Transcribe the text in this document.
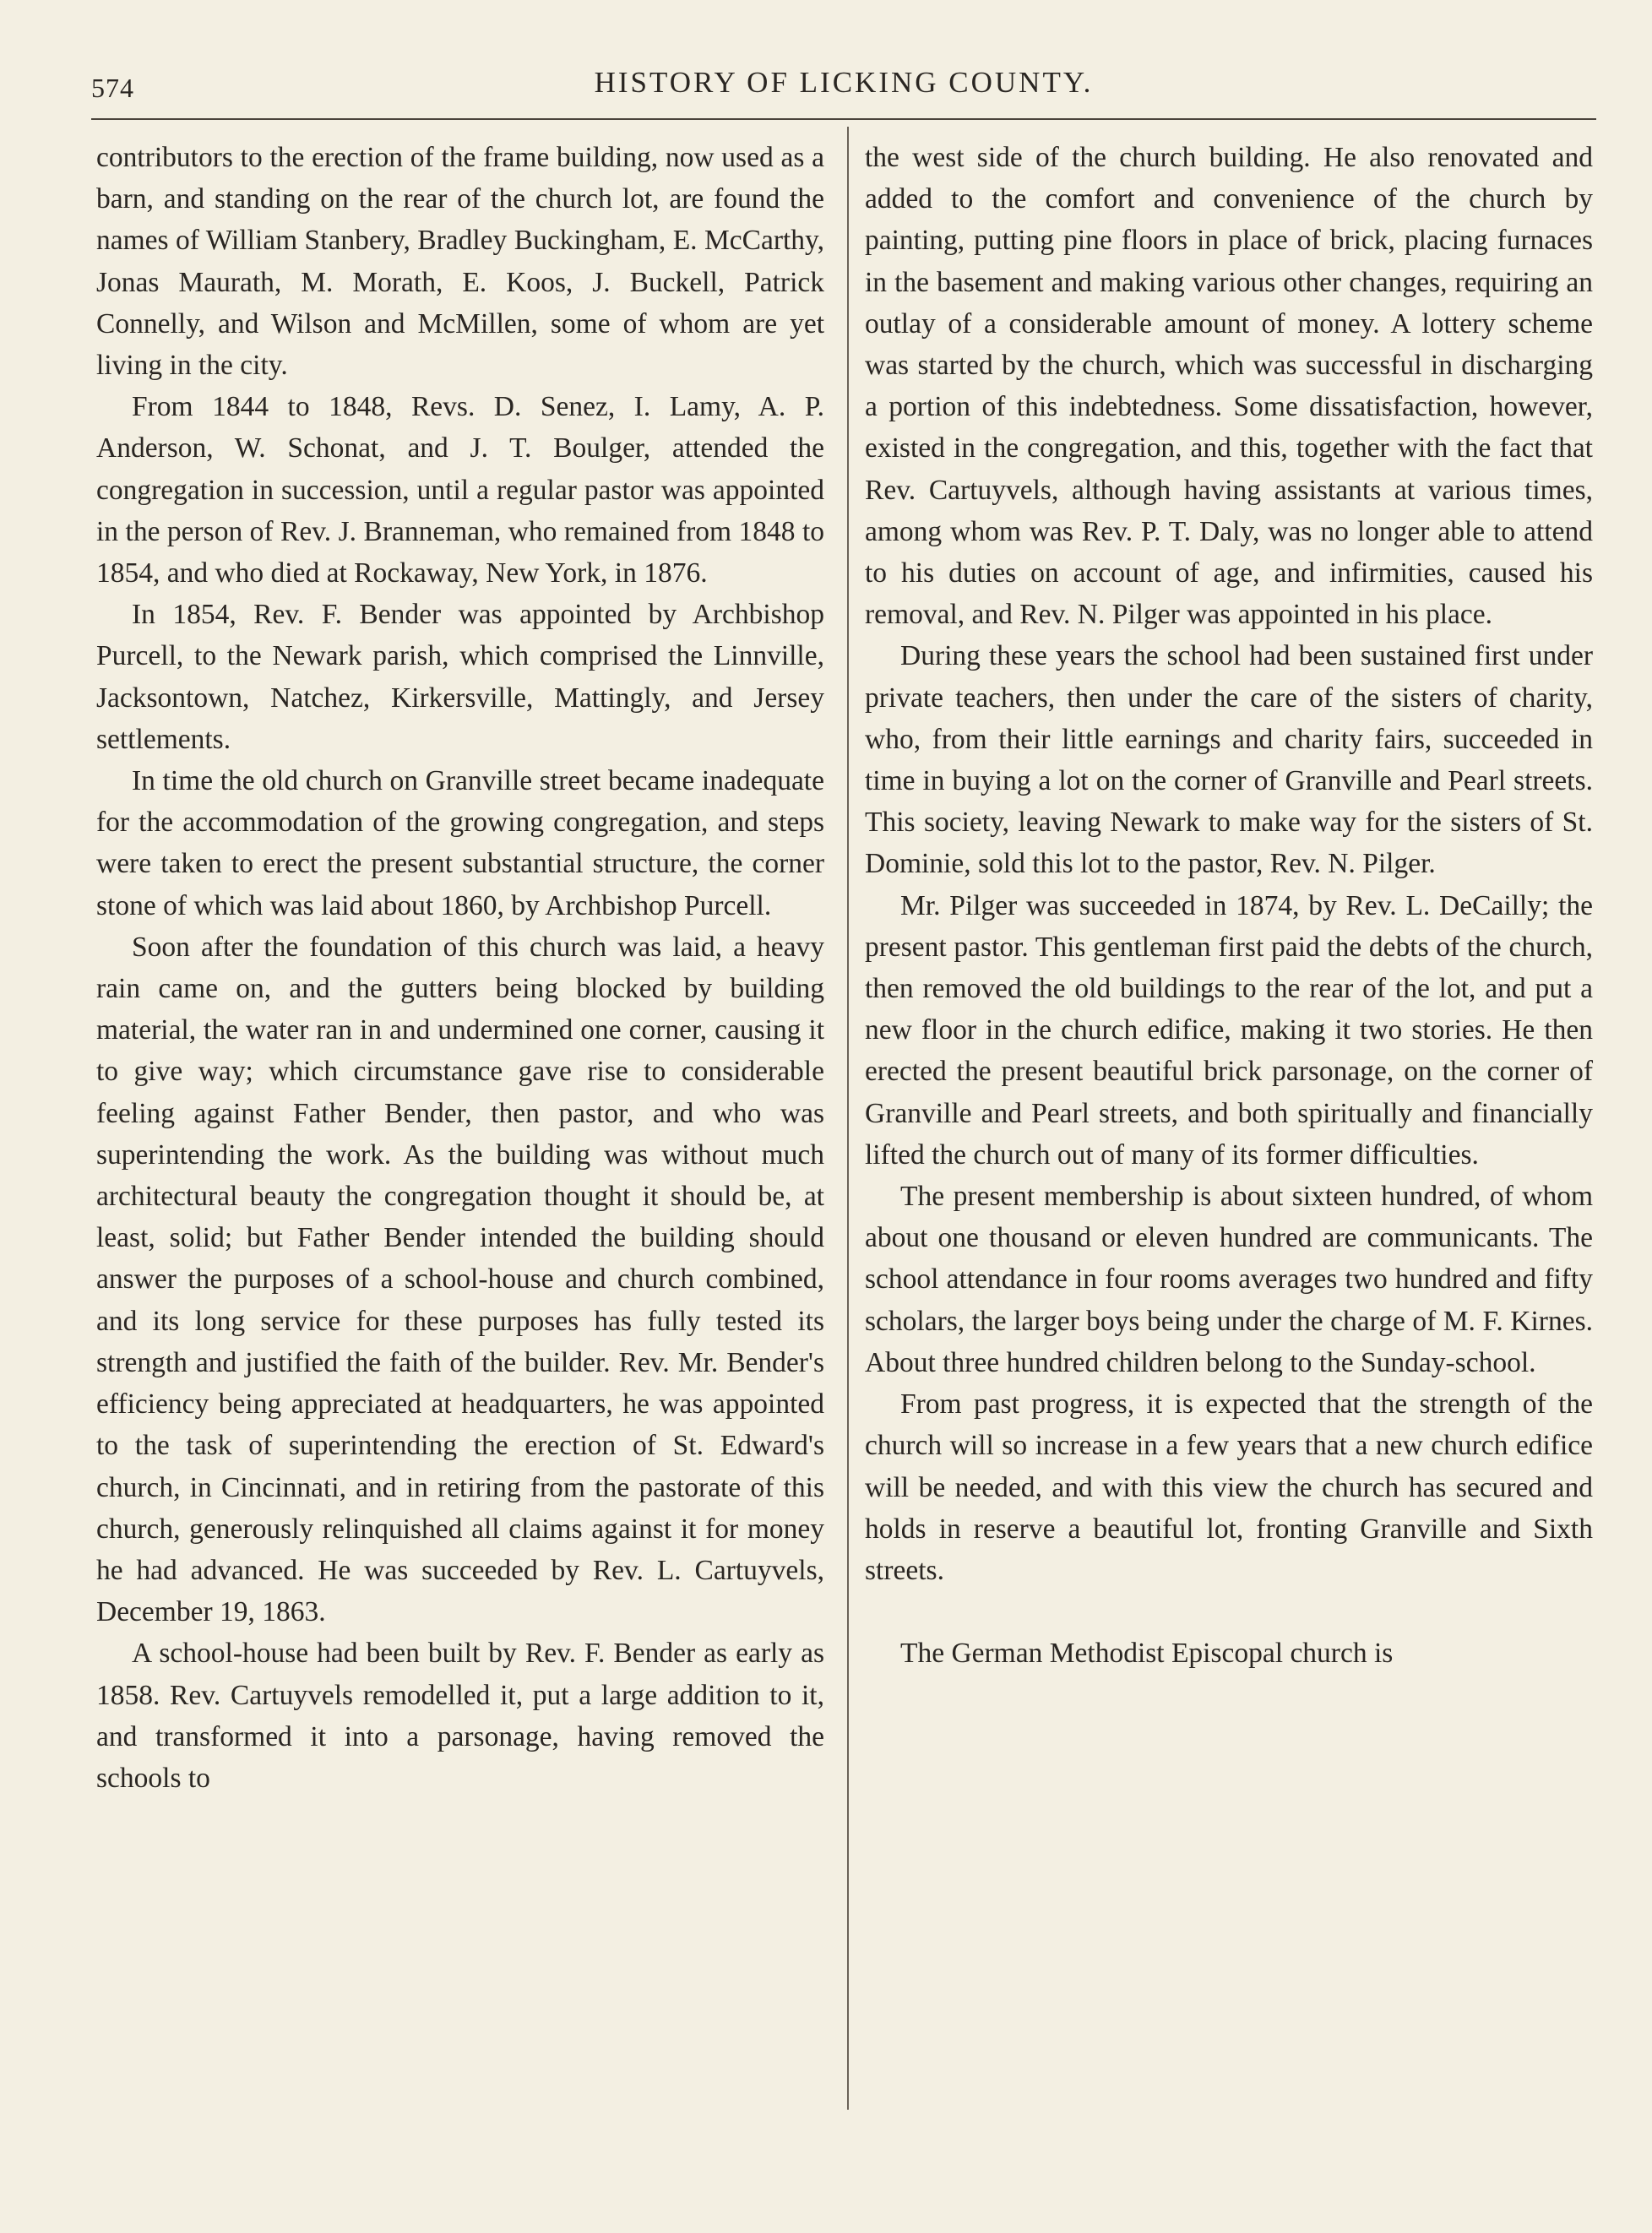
574	HISTORY OF LICKING COUNTY.

contributors to the erection of the frame building, now used as a barn, and standing on the rear of the church lot, are found the names of William Stanbery, Bradley Buckingham, E. McCarthy, Jonas Maurath, M. Morath, E. Koos, J. Buckell, Patrick Connelly, and Wilson and McMillen, some of whom are yet living in the city.

From 1844 to 1848, Revs. D. Senez, I. Lamy, A. P. Anderson, W. Schonat, and J. T. Boulger, attended the congregation in succession, until a regular pastor was appointed in the person of Rev. J. Branneman, who remained from 1848 to 1854, and who died at Rockaway, New York, in 1876.

In 1854, Rev. F. Bender was appointed by Archbishop Purcell, to the Newark parish, which comprised the Linnville, Jacksontown, Natchez, Kirkersville, Mattingly, and Jersey settlements.

In time the old church on Granville street became inadequate for the accommodation of the growing congregation, and steps were taken to erect the present substantial structure, the corner stone of which was laid about 1860, by Archbishop Purcell.

Soon after the foundation of this church was laid, a heavy rain came on, and the gutters being blocked by building material, the water ran in and undermined one corner, causing it to give way; which circumstance gave rise to considerable feeling against Father Bender, then pastor, and who was superintending the work. As the building was without much architectural beauty the congregation thought it should be, at least, solid; but Father Bender intended the building should answer the purposes of a school-house and church combined, and its long service for these purposes has fully tested its strength and justified the faith of the builder. Rev. Mr. Bender's efficiency being appreciated at headquarters, he was appointed to the task of superintending the erection of St. Edward's church, in Cincinnati, and in retiring from the pastorate of this church, generously relinquished all claims against it for money he had advanced. He was succeeded by Rev. L. Cartuyvels, December 19, 1863.

A school-house had been built by Rev. F. Bender as early as 1858. Rev. Cartuyvels remodelled it, put a large addition to it, and transformed it into a parsonage, having removed the schools to

the west side of the church building. He also renovated and added to the comfort and convenience of the church by painting, putting pine floors in place of brick, placing furnaces in the basement and making various other changes, requiring an outlay of a considerable amount of money. A lottery scheme was started by the church, which was successful in discharging a portion of this indebtedness. Some dissatisfaction, however, existed in the congregation, and this, together with the fact that Rev. Cartuyvels, although having assistants at various times, among whom was Rev. P. T. Daly, was no longer able to attend to his duties on account of age, and infirmities, caused his removal, and Rev. N. Pilger was appointed in his place.

During these years the school had been sustained first under private teachers, then under the care of the sisters of charity, who, from their little earnings and charity fairs, succeeded in time in buying a lot on the corner of Granville and Pearl streets. This society, leaving Newark to make way for the sisters of St. Dominie, sold this lot to the pastor, Rev. N. Pilger.

Mr. Pilger was succeeded in 1874, by Rev. L. DeCailly; the present pastor. This gentleman first paid the debts of the church, then removed the old buildings to the rear of the lot, and put a new floor in the church edifice, making it two stories. He then erected the present beautiful brick parsonage, on the corner of Granville and Pearl streets, and both spiritually and financially lifted the church out of many of its former difficulties.

The present membership is about sixteen hundred, of whom about one thousand or eleven hundred are communicants. The school attendance in four rooms averages two hundred and fifty scholars, the larger boys being under the charge of M. F. Kirnes. About three hundred children belong to the Sunday-school.

From past progress, it is expected that the strength of the church will so increase in a few years that a new church edifice will be needed, and with this view the church has secured and holds in reserve a beautiful lot, fronting Granville and Sixth streets.

The German Methodist Episcopal church is
